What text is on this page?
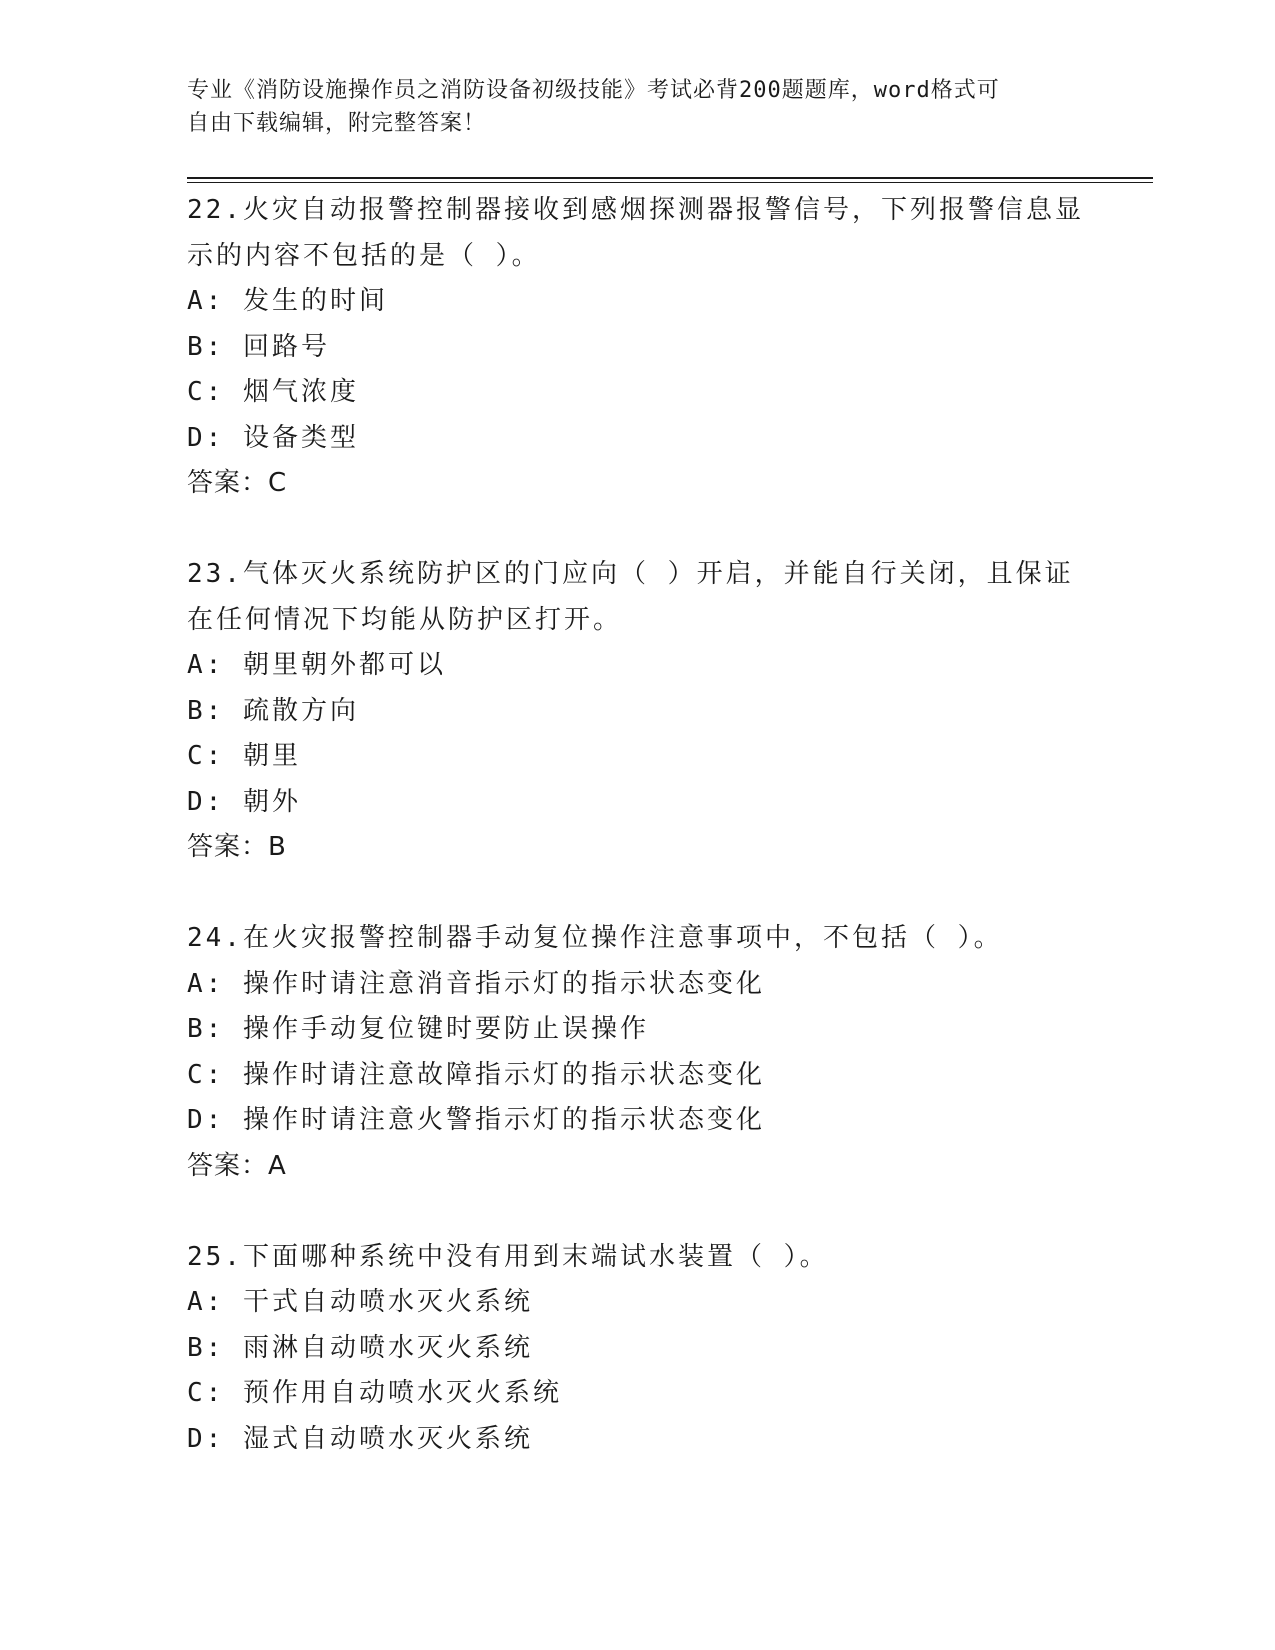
专业《消防设施操作员之消防设备初级技能》考试必背200题题库，word格式可
自由下载编辑，附完整答案！
22.火灾自动报警控制器接收到感烟探测器报警信号，下列报警信息显
示的内容不包括的是（ ）。
A: 发生的时间
B: 回路号
C: 烟气浓度
D: 设备类型
答案：C
23.气体灭火系统防护区的门应向（ ）开启，并能自行关闭，且保证
在任何情况下均能从防护区打开。
A: 朝里朝外都可以
B: 疏散方向
C: 朝里
D: 朝外
答案：B
24.在火灾报警控制器手动复位操作注意事项中，不包括（ ）。
A: 操作时请注意消音指示灯的指示状态变化
B: 操作手动复位键时要防止误操作
C: 操作时请注意故障指示灯的指示状态变化
D: 操作时请注意火警指示灯的指示状态变化
答案：A
25.下面哪种系统中没有用到末端试水装置（ ）。
A: 干式自动喷水灭火系统
B: 雨淋自动喷水灭火系统
C: 预作用自动喷水灭火系统
D: 湿式自动喷水灭火系统
